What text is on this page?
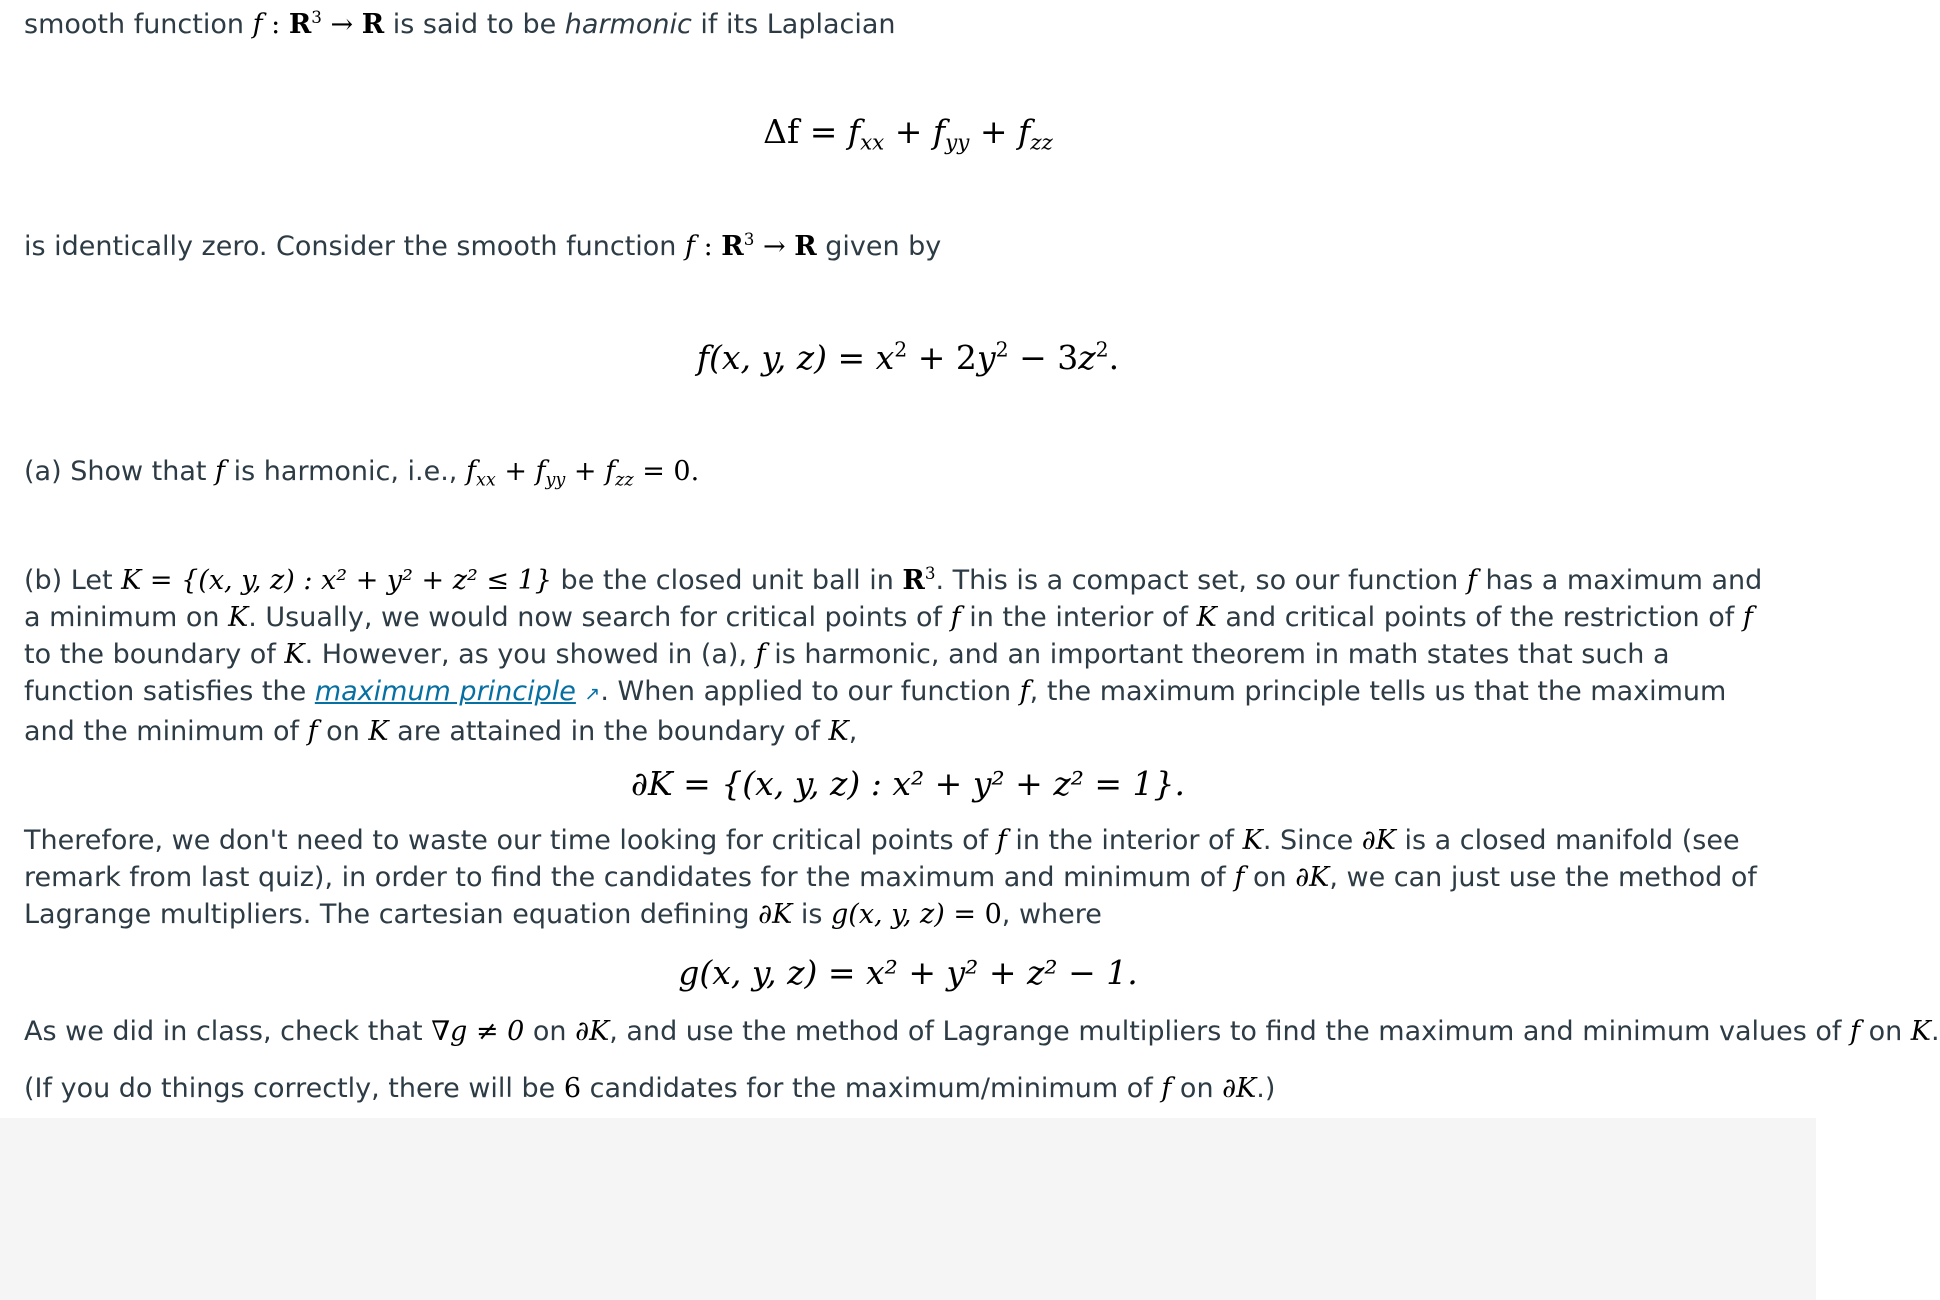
smooth function f : $R^3 \to R$ is said to be harmonic if its Laplacian
$\Delta f = f_{xx} + f_{yy} + f_{zz}$
is identically zero. Consider the smooth function f : $R^3 \to R$ given by
f(x, y, $z) = x^2 + 2y^2 - 3z^2$.
(a) Show that f is harmonic, i.e., $f_{xx} + f_{yy} + f_{zz} = 0$.
(b) Let K = {(x, y, z) : x² + y² + z² ≤ 1} be the closed unit ball in $R^3$. This is a compact set, so our function f has a maximum and a minimum on K. Usually, we would now search for critical points of f in the interior of K and critical points of the restriction of f to the boundary of K. However, as you showed in (a), f is harmonic, and an important theorem in math states that such a function satisfies the maximum principle ↗. When applied to our function f, the maximum principle tells us that the maximum and the minimum of f on K are attained in the boundary of K,
∂K = {(x, y, z) : x² + y² + z² = 1}.
Therefore, we don't need to waste our time looking for critical points of f in the interior of K. Since ∂K is a closed manifold (see remark from last quiz), in order to find the candidates for the maximum and minimum of f on ∂K, we can just use the method of Lagrange multipliers. The cartesian equation defining ∂K is g(x, y, z) = 0, where
g(x, y, z) = x² + y² + z² − 1.
As we did in class, check that ∇g ≠ 0 on ∂K, and use the method of Lagrange multipliers to find the maximum and minimum values of f on K.
(If you do things correctly, there will be 6 candidates for the maximum/minimum of f on ∂K.)
